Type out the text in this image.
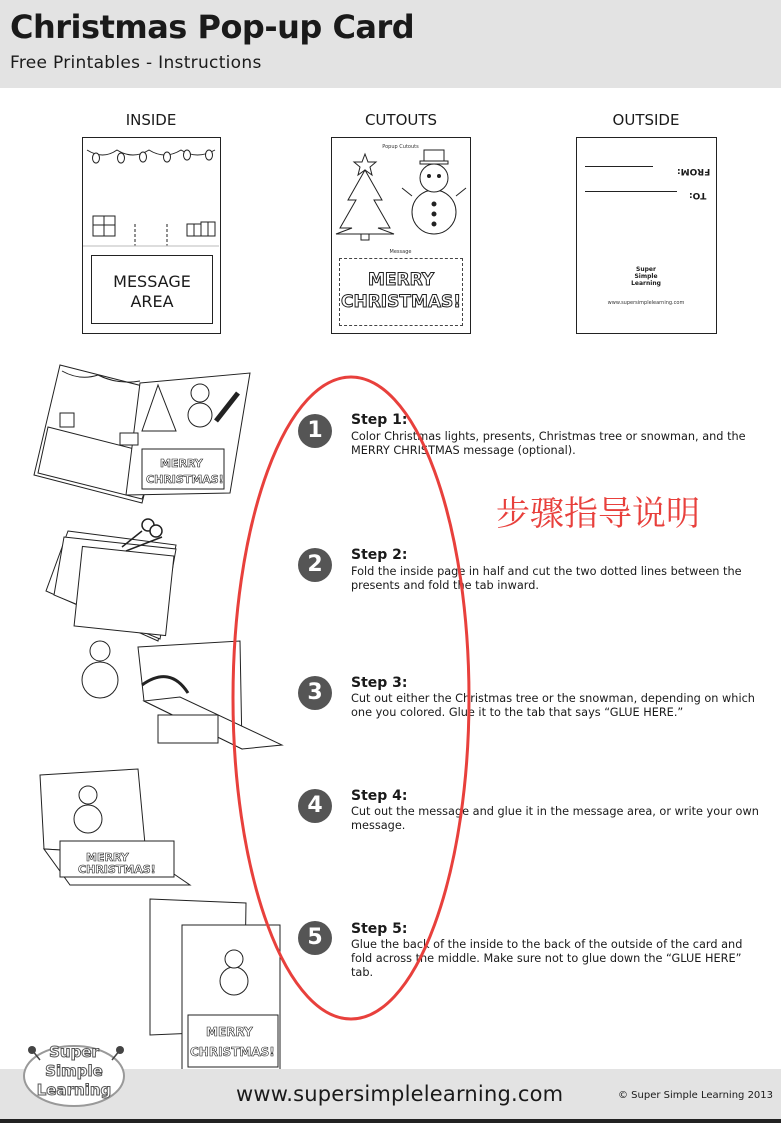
Christmas Pop-up Card
Free Printables - Instructions
INSIDE	CUTOUTS	OUTSIDE
MESSAGE
AREA
Popup Cutouts
Message
MERRY
CHRISTMAS!
FROM:
TO:
Super
Simple
Learning
www.supersimplelearning.com
MERRY
CHRISTMAS!
MERRY
CHRISTMAS!
MERRY
CHRISTMAS!
1	Step 1:
Color Christmas lights, presents, Christmas tree or snowman, and the MERRY CHRISTMAS message (optional).
2	Step 2:
Fold the inside page in half and cut the two dotted lines between the presents and fold the tab inward.
3	Step 3:
Cut out either the Christmas tree or the snowman, depending on which one you colored. Glue it to the tab that says “GLUE HERE.”
4	Step 4:
Cut out the message and glue it in the message area, or write your own message.
5	Step 5:
Glue the back of the inside to the back of the outside of the card and fold across the middle. Make sure not to glue down the “GLUE HERE” tab.
步骤指导说明
Super
Simple
Learning	www.supersimplelearning.com	© Super Simple Learning 2013
